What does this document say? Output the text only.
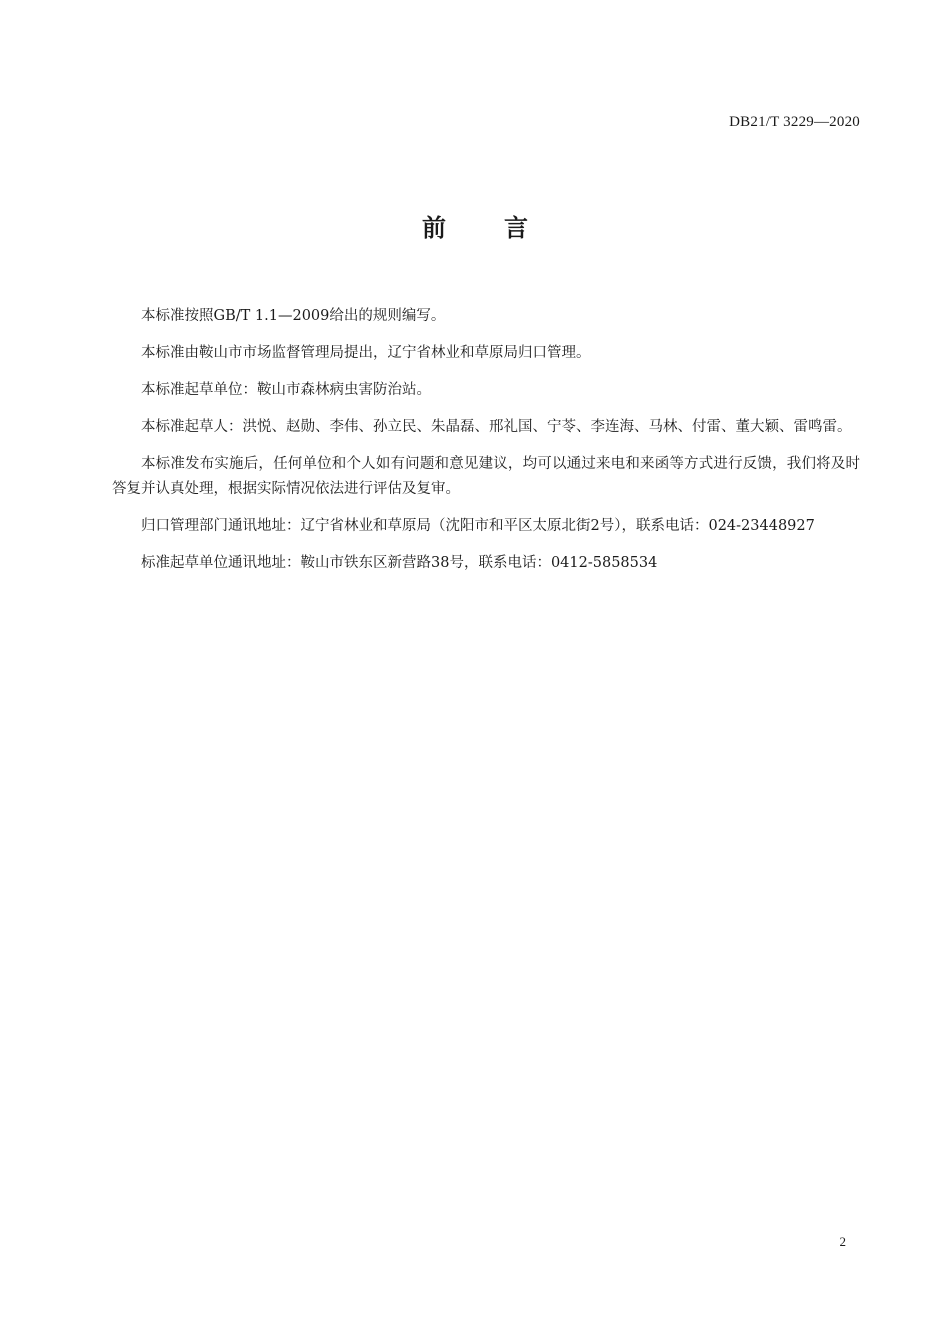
DB21/T 3229—2020
前言

本标准按照GB/T 1.1—2009给出的规则编写。

本标准由鞍山市市场监督管理局提出，辽宁省林业和草原局归口管理。

本标准起草单位：鞍山市森林病虫害防治站。

本标准起草人：洪悦、赵勋、李伟、孙立民、朱晶磊、邢礼国、宁苓、李连海、马林、付雷、董大颖、雷鸣雷。

本标准发布实施后，任何单位和个人如有问题和意见建议，均可以通过来电和来函等方式进行反馈，我们将及时答复并认真处理，根据实际情况依法进行评估及复审。

归口管理部门通讯地址：辽宁省林业和草原局（沈阳市和平区太原北街2号），联系电话：024-23448927

标准起草单位通讯地址：鞍山市铁东区新营路38号，联系电话：0412-5858534

2
